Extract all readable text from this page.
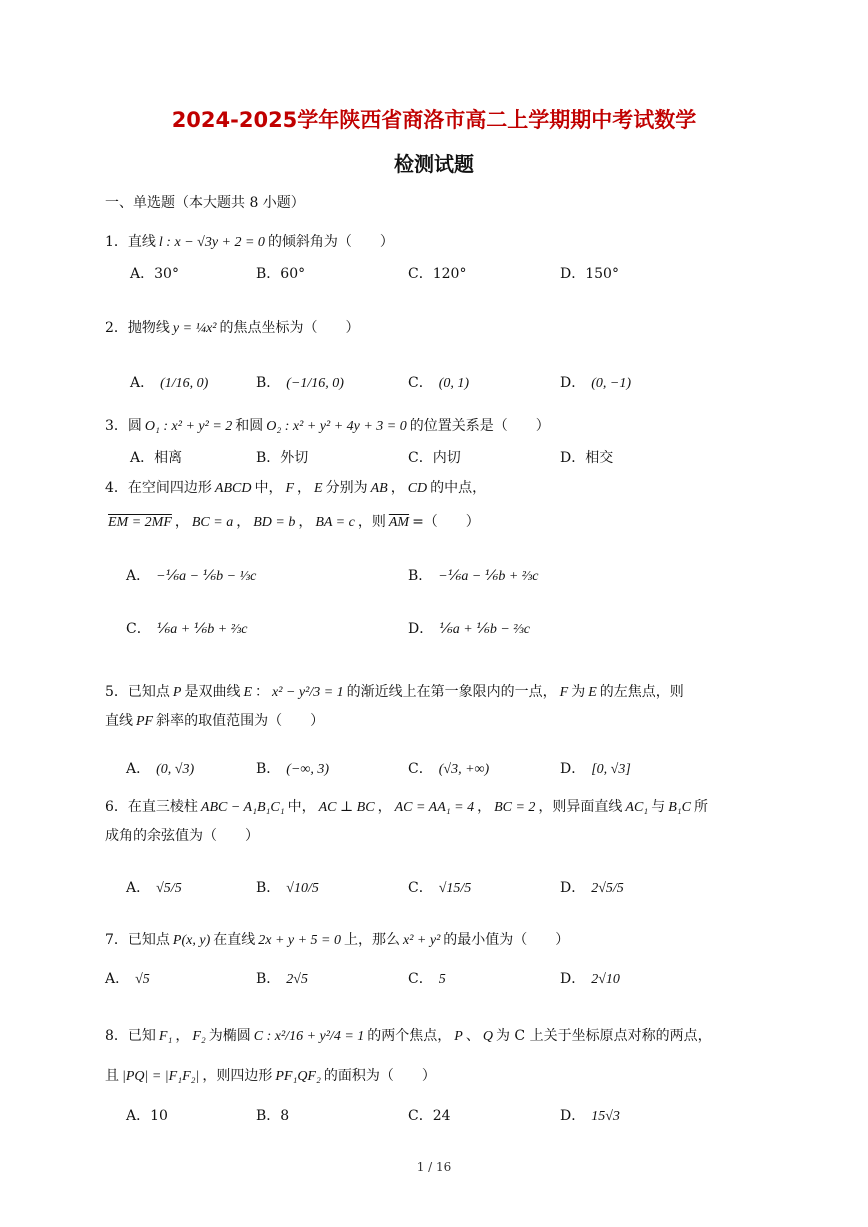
2024-2025学年陕西省商洛市高二上学期期中考试数学
检测试题
一、单选题（本大题共 8 小题）
1．直线 l : x − √3y + 2 = 0 的倾斜角为（　　）
A．30°	B．60°	C．120°	D．150°
2．抛物线 y = ¼x² 的焦点坐标为（　　）
A． (1/16, 0)	B． (−1/16, 0)	C． (0, 1)	D． (0, −1)
3．圆 O₁ : x² + y² = 2 和圆 O₂ : x² + y² + 4y + 3 = 0 的位置关系是（　　）
A．相离	B．外切	C．内切	D．相交
4．在空间四边形 ABCD 中， F ， E 分别为 AB ， CD 的中点，
EM = 2MF ， BC = a ， BD = b ， BA = c ，则 $\overline{AM}$ =（　　）
A． −⅙a − ⅙b − ⅓c	B． −⅙a − ⅙b + ⅔c
C． ⅙a + ⅙b + ⅔c	D． ⅙a + ⅙b − ⅔c
5．已知点 P 是双曲线 E ： x² − y²/3 = 1 的渐近线上在第一象限内的一点， F 为 E 的左焦点，则
直线 PF 斜率的取值范围为（　　）
A． (0, √3)	B． (−∞, 3)	C． (√3, +∞)	D． [0, √3]
6．在直三棱柱 ABC − A₁B₁C₁ 中， AC ⊥ BC ， AC = AA₁ = 4 ， BC = 2 ，则异面直线 AC₁ 与 B₁C 所
成角的余弦值为（　　）
A． √5/5	B． √10/5	C． √15/5	D． 2√5/5
7．已知点 P(x, y) 在直线 2x + y + 5 = 0 上，那么 x² + y² 的最小值为（　　）
A． √5	B． 2√5	C． 5	D． 2√10
8．已知 F₁ ， F₂ 为椭圆 C : x²/16 + y²/4 = 1 的两个焦点， P 、 Q 为 C 上关于坐标原点对称的两点，
且 |PQ| = |F₁F₂| ，则四边形 PF₁QF₂ 的面积为（　　）
A．10	B．8	C．24	D． 15√3
1 / 16
